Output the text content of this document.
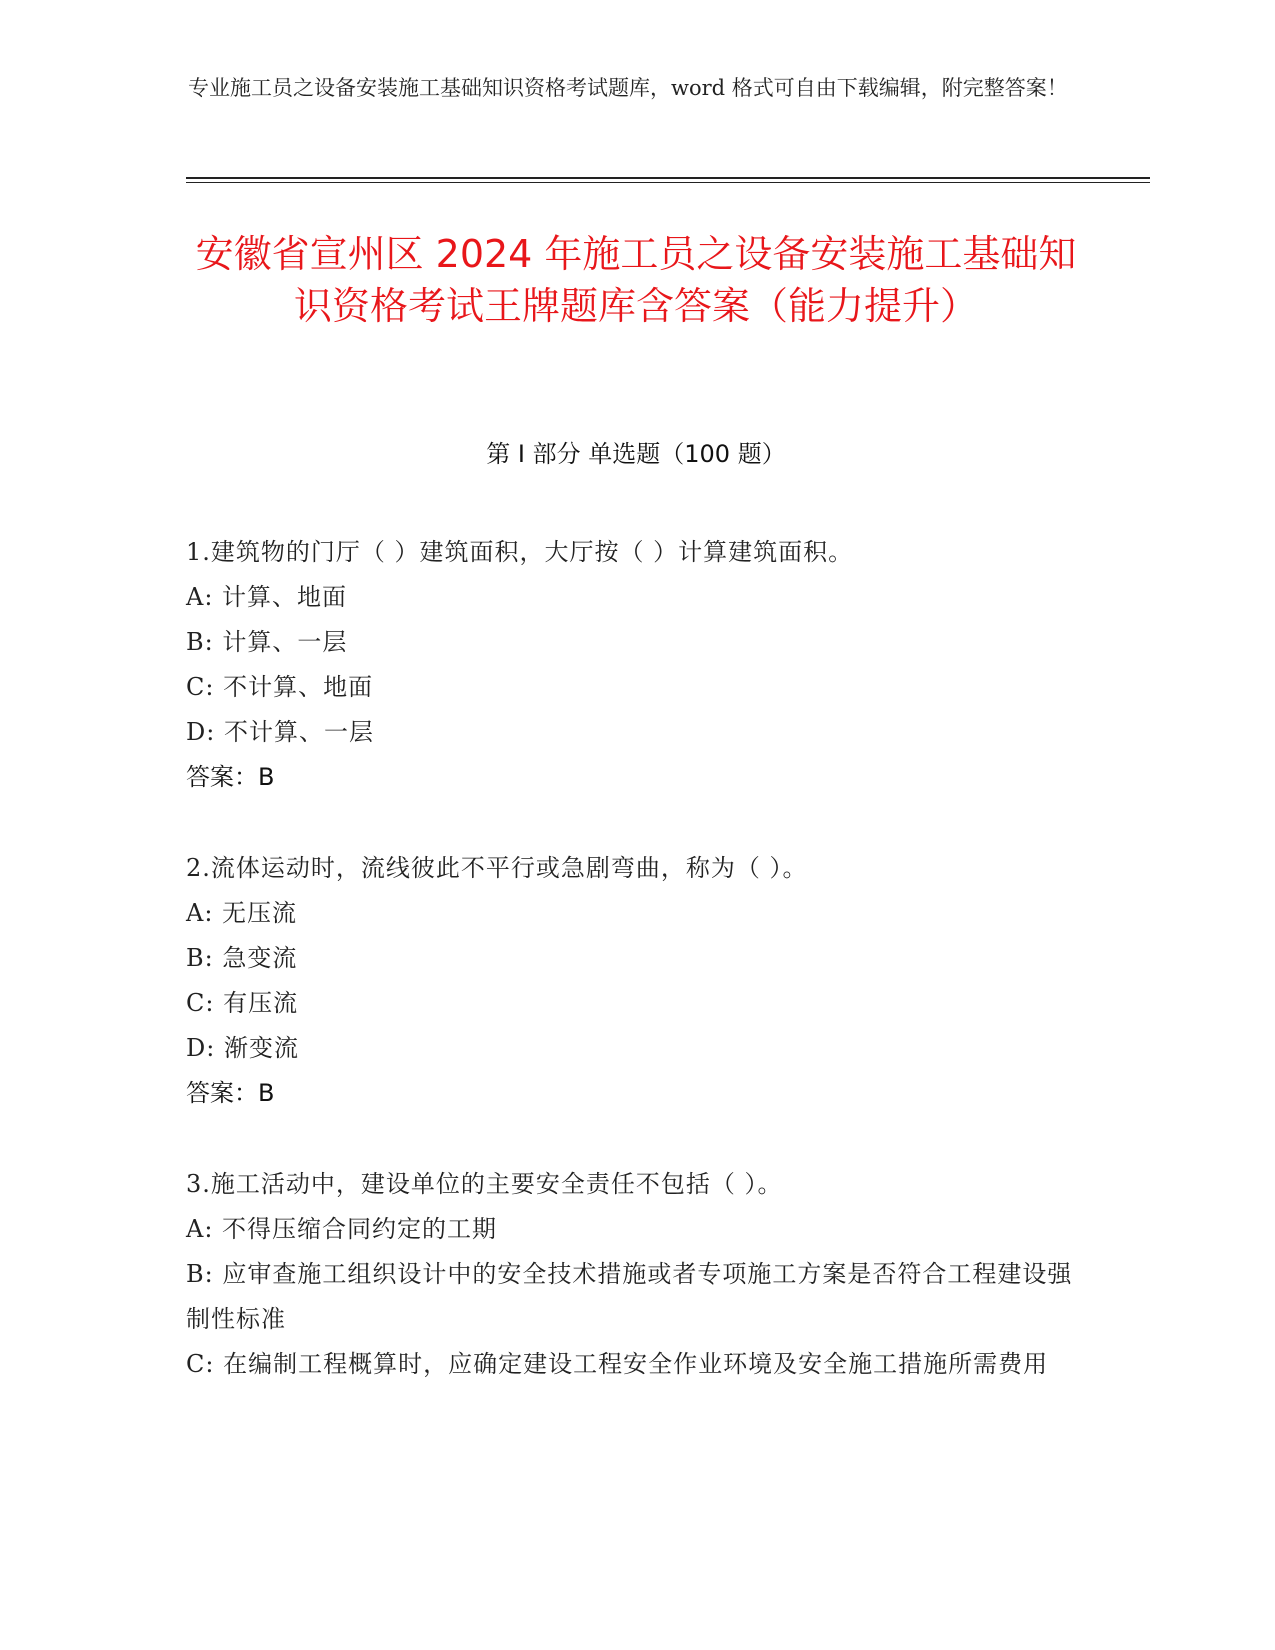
专业施工员之设备安装施工基础知识资格考试题库，word 格式可自由下载编辑，附完整答案！
安徽省宣州区 2024 年施工员之设备安装施工基础知识资格考试王牌题库含答案（能力提升）
第 I 部分 单选题（100 题）
1.建筑物的门厅（ ）建筑面积，大厅按（ ）计算建筑面积。
A: 计算、地面
B: 计算、一层
C: 不计算、地面
D: 不计算、一层
答案：B
2.流体运动时，流线彼此不平行或急剧弯曲，称为（ ）。
A: 无压流
B: 急变流
C: 有压流
D: 渐变流
答案：B
3.施工活动中，建设单位的主要安全责任不包括（ ）。
A: 不得压缩合同约定的工期
B: 应审查施工组织设计中的安全技术措施或者专项施工方案是否符合工程建设强制性标准
C: 在编制工程概算时，应确定建设工程安全作业环境及安全施工措施所需费用
